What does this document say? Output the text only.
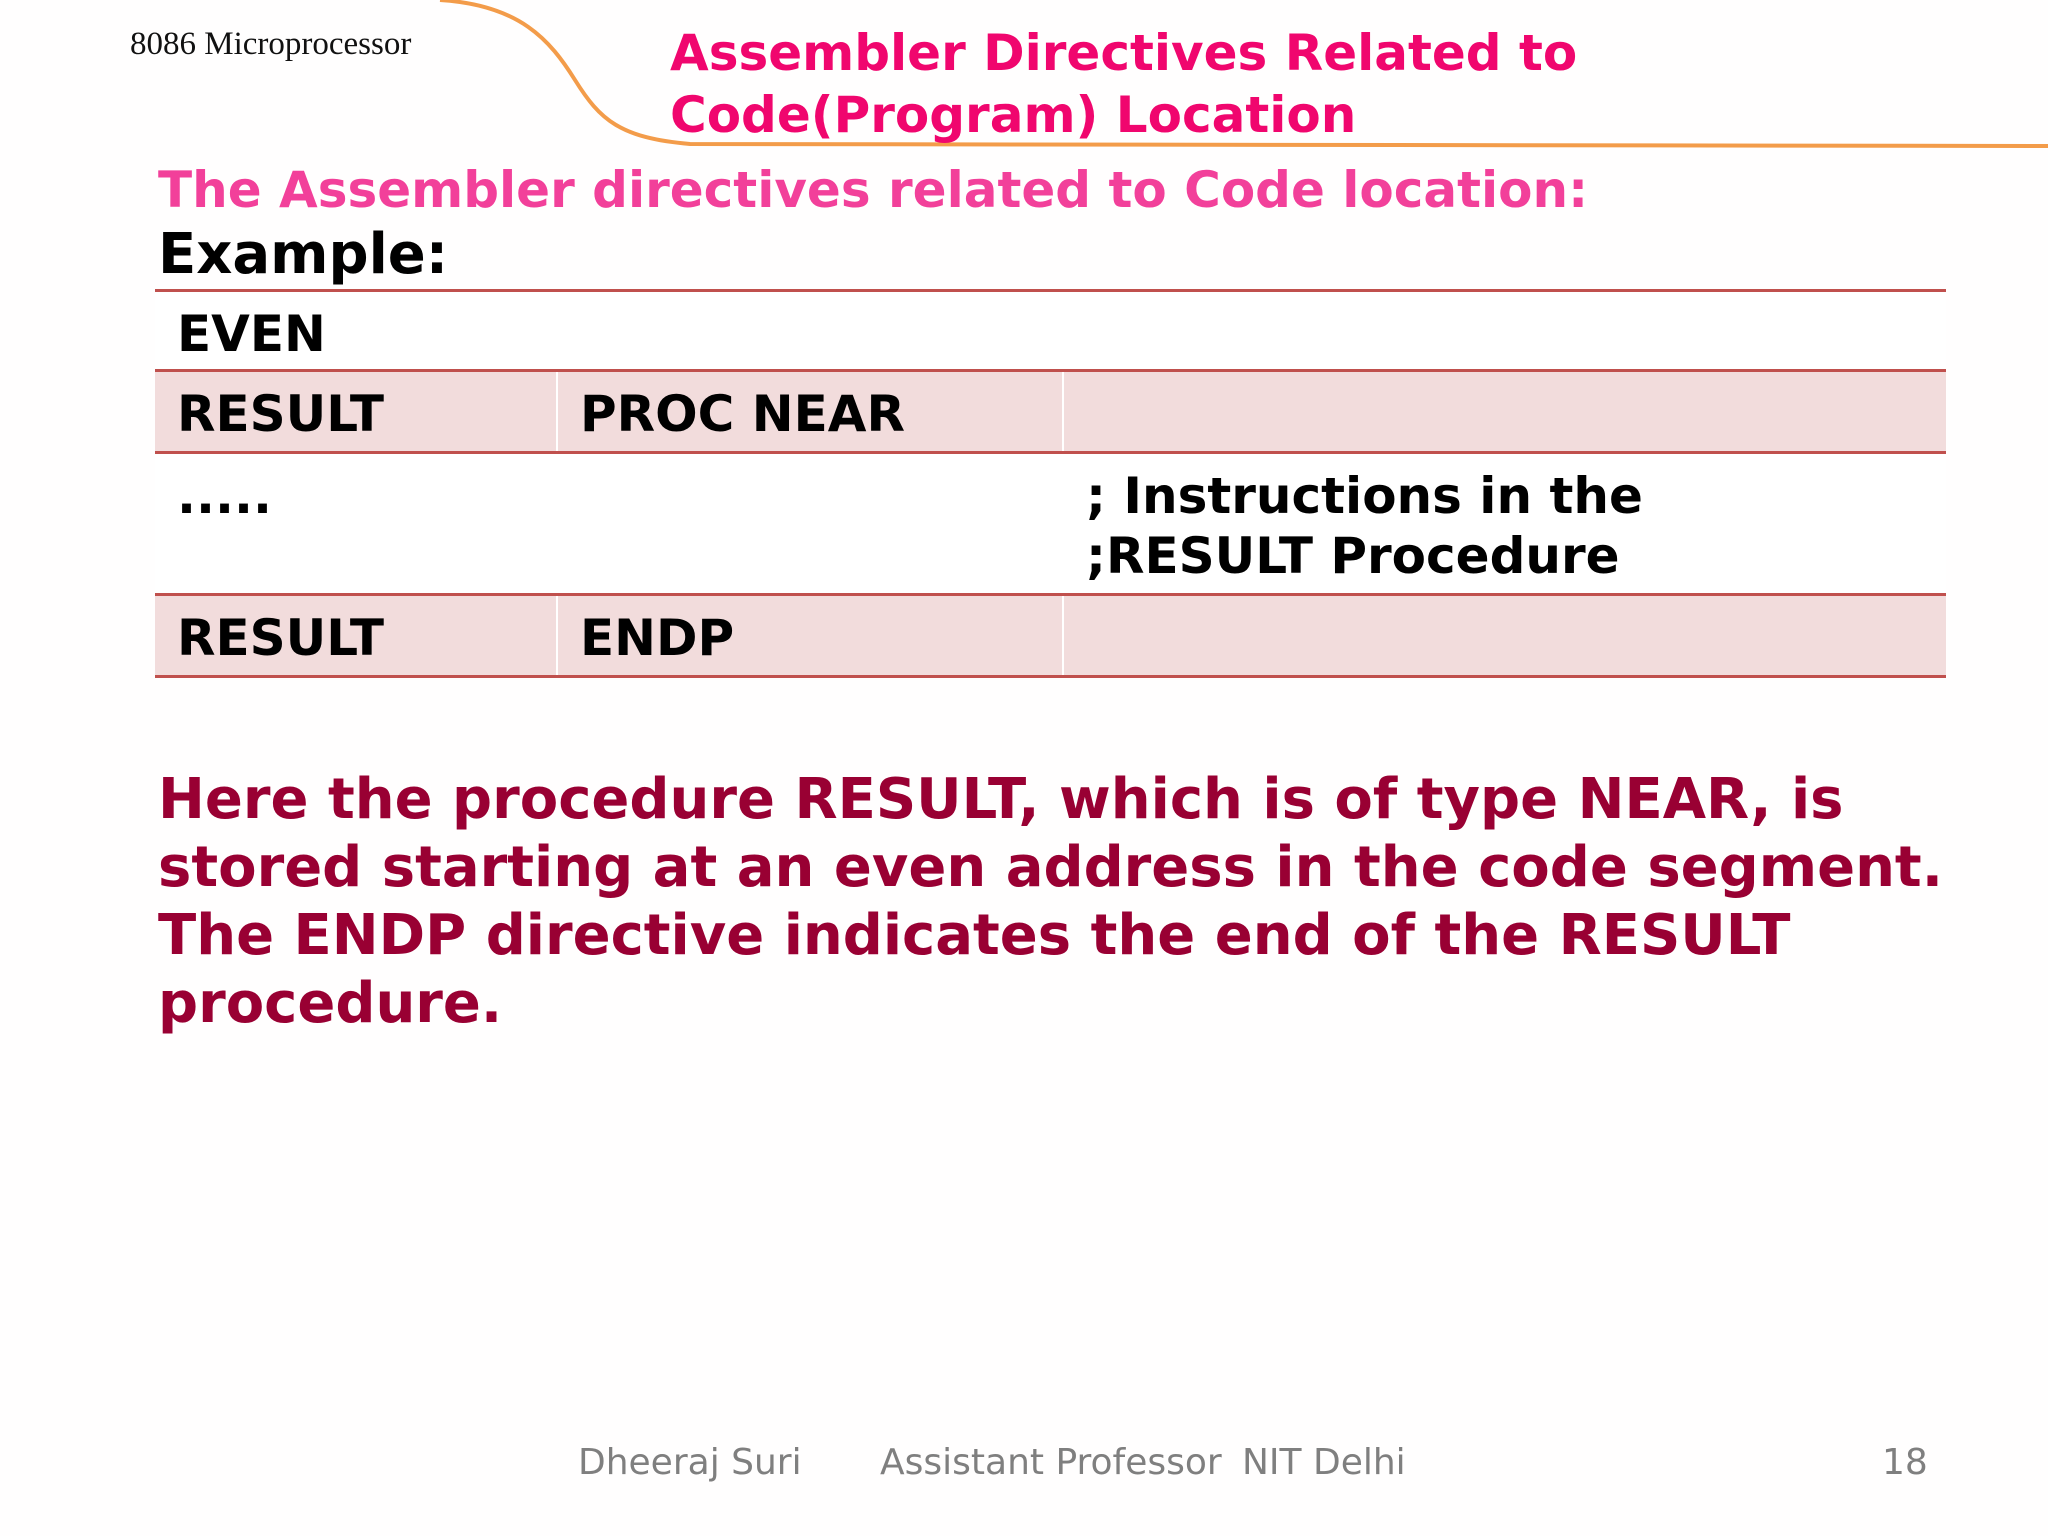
8086 Microprocessor	Assembler Directives Related to
Code(Program) Location
The Assembler directives related to Code location:
Example:
EVEN		
RESULT	PROC NEAR	
.....		; Instructions in the
;RESULT Procedure

RESULT	ENDP	
Here the procedure RESULT, which is of type NEAR, is
stored starting at an even address in the code segment.
The ENDP directive indicates the end of the RESULT
procedure.
Dheeraj Suri Assistant Professor NIT Delhi	18
